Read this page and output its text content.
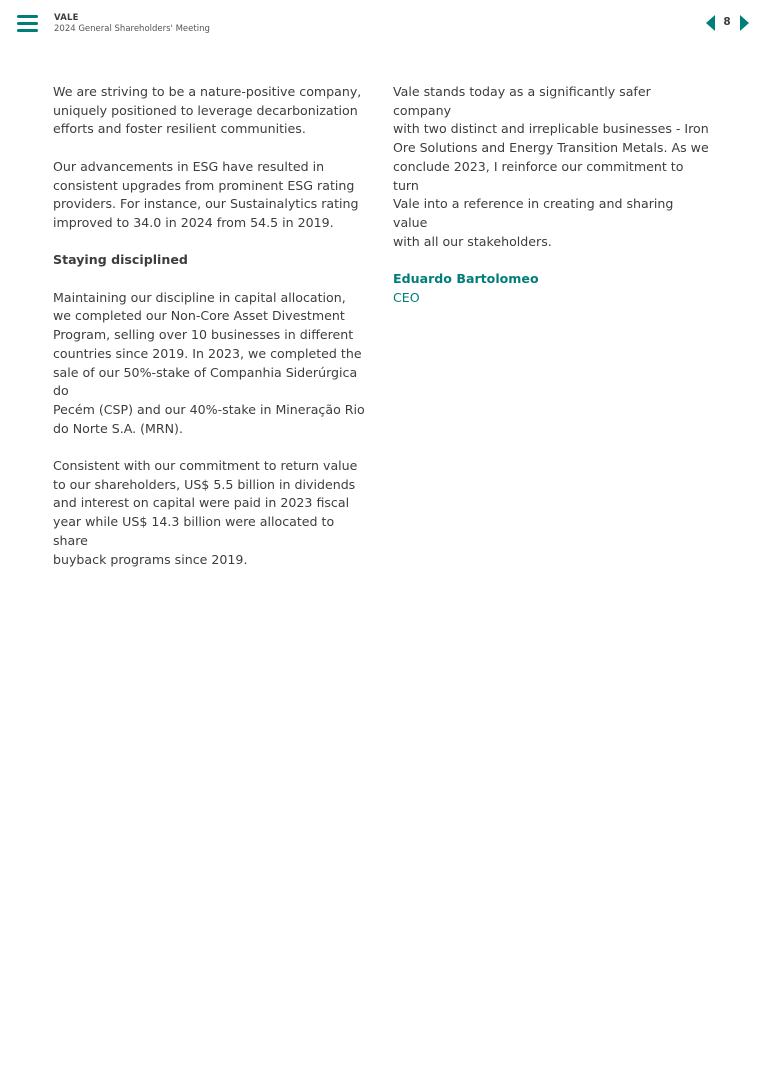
VALE
2024 General Shareholders' Meeting
8

We are striving to be a nature-positive company,
uniquely positioned to leverage decarbonization
efforts and foster resilient communities.

Our advancements in ESG have resulted in
consistent upgrades from prominent ESG rating
providers. For instance, our Sustainalytics rating
improved to 34.0 in 2024 from 54.5 in 2019.

Staying disciplined

Maintaining our discipline in capital allocation,
we completed our Non-Core Asset Divestment
Program, selling over 10 businesses in different
countries since 2019. In 2023, we completed the
sale of our 50%-stake of Companhia Siderúrgica do
Pecém (CSP) and our 40%-stake in Mineração Rio
do Norte S.A. (MRN).

Consistent with our commitment to return value
to our shareholders, US$ 5.5 billion in dividends
and interest on capital were paid in 2023 fiscal
year while US$ 14.3 billion were allocated to share
buyback programs since 2019.

Vale stands today as a significantly safer company
with two distinct and irreplicable businesses - Iron
Ore Solutions and Energy Transition Metals. As we
conclude 2023, I reinforce our commitment to turn
Vale into a reference in creating and sharing value
with all our stakeholders.

Eduardo Bartolomeo
CEO
